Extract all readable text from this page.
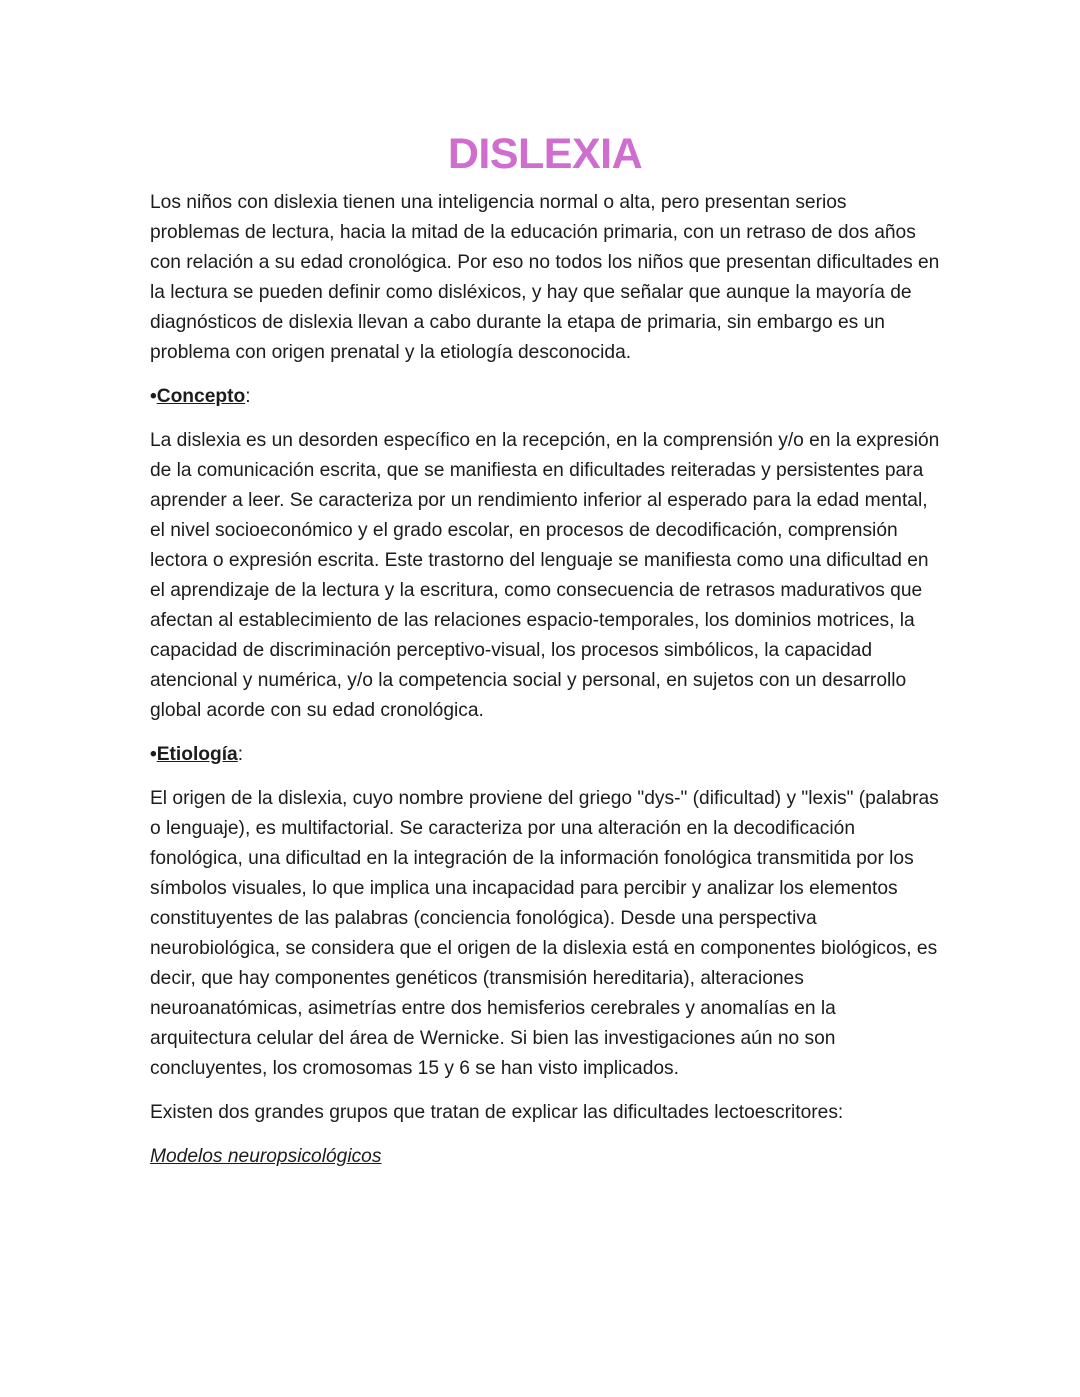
DISLEXIA

Los niños con dislexia tienen una inteligencia normal o alta, pero presentan serios problemas de lectura, hacia la mitad de la educación primaria, con un retraso de dos años con relación a su edad cronológica. Por eso no todos los niños que presentan dificultades en la lectura se pueden definir como disléxicos, y hay que señalar que aunque la mayoría de diagnósticos de dislexia llevan a cabo durante la etapa de primaria, sin embargo es un problema con origen prenatal y la etiología desconocida.

•Concepto:

La dislexia es un desorden específico en la recepción, en la comprensión y/o en la expresión de la comunicación escrita, que se manifiesta en dificultades reiteradas y persistentes para aprender a leer. Se caracteriza por un rendimiento inferior al esperado para la edad mental, el nivel socioeconómico y el grado escolar, en procesos de decodificación, comprensión lectora o expresión escrita. Este trastorno del lenguaje se manifiesta como una dificultad en el aprendizaje de la lectura y la escritura, como consecuencia de retrasos madurativos que afectan al establecimiento de las relaciones espacio-temporales, los dominios motrices, la capacidad de discriminación perceptivo-visual, los procesos simbólicos, la capacidad atencional y numérica, y/o la competencia social y personal, en sujetos con un desarrollo global acorde con su edad cronológica.

•Etiología:

El origen de la dislexia, cuyo nombre proviene del griego "dys-" (dificultad) y "lexis" (palabras o lenguaje), es multifactorial. Se caracteriza por una alteración en la decodificación fonológica, una dificultad en la integración de la información fonológica transmitida por los símbolos visuales, lo que implica una incapacidad para percibir y analizar los elementos constituyentes de las palabras (conciencia fonológica). Desde una perspectiva neurobiológica, se considera que el origen de la dislexia está en componentes biológicos, es decir, que hay componentes genéticos (transmisión hereditaria), alteraciones neuroanatómicas, asimetrías entre dos hemisferios cerebrales y anomalías en la arquitectura celular del área de Wernicke. Si bien las investigaciones aún no son concluyentes, los cromosomas 15 y 6 se han visto implicados.

Existen dos grandes grupos que tratan de explicar las dificultades lectoescritores:

Modelos neuropsicológicos
